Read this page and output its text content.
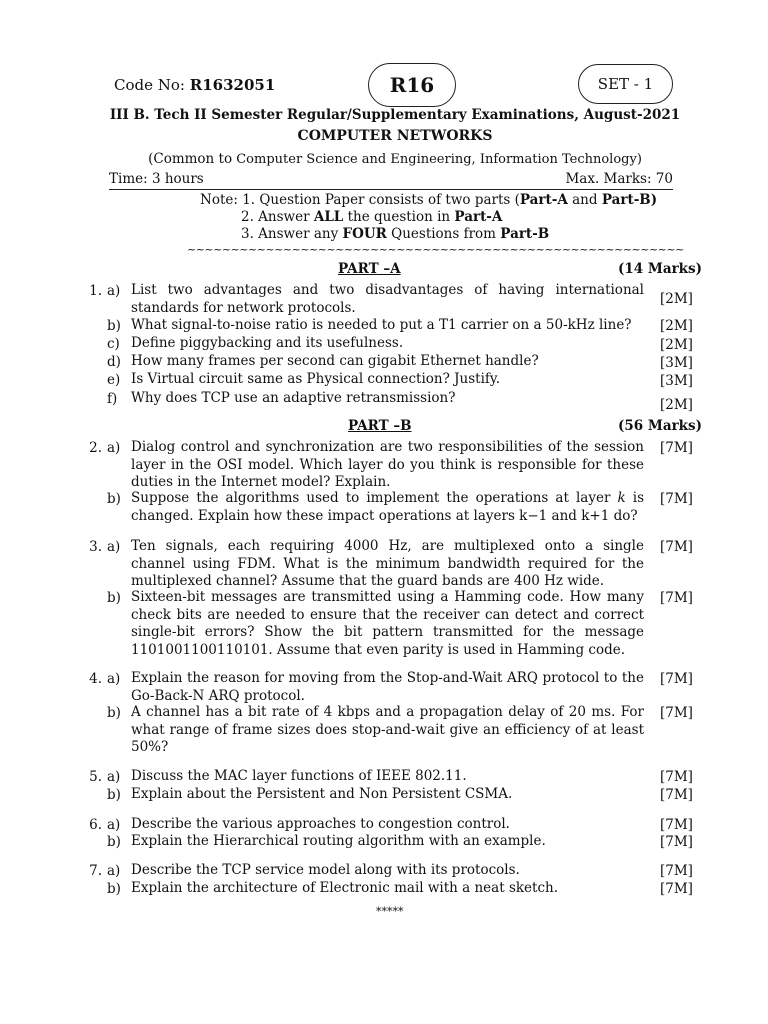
Code No: R1632051	R16	SET - 1
III B. Tech II Semester Regular/Supplementary Examinations, August-2021
COMPUTER NETWORKS
(Common to Computer Science and Engineering, Information Technology)
Time: 3 hours	Max. Marks: 70
Note: 1. Question Paper consists of two parts (Part-A and Part-B)
2. Answer ALL the question in Part-A
3. Answer any FOUR Questions from Part-B
~~~~~~~~~~~~~~~~~~~~~~~~~~~~~~~~~~~~~~~~~~~~~~~~~~~~~~~~~
PART –A	(14 Marks)
1. a) List two advantages and two disadvantages of having international standards for network protocols.
[2M]
b) What signal-to-noise ratio is needed to put a T1 carrier on a 50-kHz line?	[2M]
c) Define piggybacking and its usefulness.	[2M]
d) How many frames per second can gigabit Ethernet handle?	[3M]
e) Is Virtual circuit same as Physical connection? Justify.	[3M]
f) Why does TCP use an adaptive retransmission?	[2M]
PART –B	(56 Marks)
2. a) Dialog control and synchronization are two responsibilities of the session layer in the OSI model. Which layer do you think is responsible for these duties in the Internet model? Explain.
[7M]
b) Suppose the algorithms used to implement the operations at layer k is changed. Explain how these impact operations at layers k−1 and k+1 do?
[7M]
3. a) Ten signals, each requiring 4000 Hz, are multiplexed onto a single channel using FDM. What is the minimum bandwidth required for the multiplexed channel? Assume that the guard bands are 400 Hz wide.
[7M]
b) Sixteen-bit messages are transmitted using a Hamming code. How many check bits are needed to ensure that the receiver can detect and correct single-bit errors? Show the bit pattern transmitted for the message 1101001100110101. Assume that even parity is used in Hamming code.
[7M]
4. a) Explain the reason for moving from the Stop-and-Wait ARQ protocol to the Go-Back-N ARQ protocol.
[7M]
b) A channel has a bit rate of 4 kbps and a propagation delay of 20 ms. For what range of frame sizes does stop-and-wait give an efficiency of at least 50%?
[7M]
5. a) Discuss the MAC layer functions of IEEE 802.11.	[7M]
b) Explain about the Persistent and Non Persistent CSMA.	[7M]
6. a) Describe the various approaches to congestion control.	[7M]
b) Explain the Hierarchical routing algorithm with an example.	[7M]
7. a) Describe the TCP service model along with its protocols.	[7M]
b) Explain the architecture of Electronic mail with a neat sketch.	[7M]
*****
